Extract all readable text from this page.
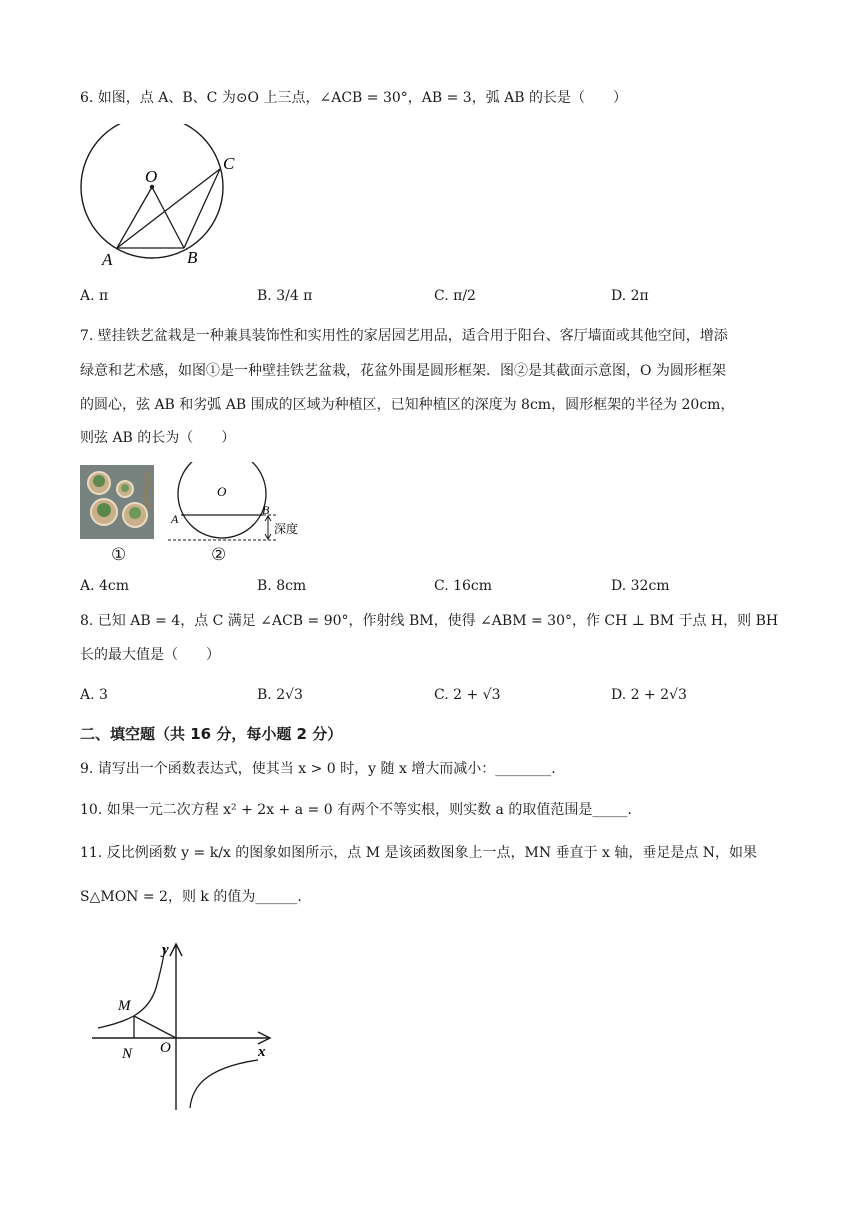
6. 如图，点 A、B、C 为⊙O 上三点，∠ACB = 30°，AB = 3，弧 AB 的长是（　　）
O
C
A	B
A. π	B. 3/4 π	C. π/2	D. 2π
7. 壁挂铁艺盆栽是一种兼具装饰性和实用性的家居园艺用品，适合用于阳台、客厅墙面或其他空间，增添
绿意和艺术感，如图①是一种壁挂铁艺盆栽，花盆外围是圆形框架．图②是其截面示意图，O 为圆形框架
的圆心，弦 AB 和劣弧 AB 围成的区域为种植区，已知种植区的深度为 8cm，圆形框架的半径为 20cm，
则弦 AB 的长为（　　）
①
O
A
B
深度
②
A. 4cm	B. 8cm	C. 16cm	D. 32cm
8. 已知 AB = 4，点 C 满足 ∠ACB = 90°，作射线 BM，使得 ∠ABM = 30°，作 CH ⊥ BM 于点 H，则 BH
长的最大值是（　　）
A. 3	B. 2√3	C. 2 + √3	D. 2 + 2√3
二、填空题（共 16 分，每小题 2 分）
9. 请写出一个函数表达式，使其当 x > 0 时，y 随 x 增大而减小：________.
10. 如果一元二次方程 x² + 2x + a = 0 有两个不等实根，则实数 a 的取值范围是_____.
11. 反比例函数 y = k/x 的图象如图所示，点 M 是该函数图象上一点，MN 垂直于 x 轴，垂足是点 N，如果
S△MON = 2，则 k 的值为______.
y
x
M
N O
